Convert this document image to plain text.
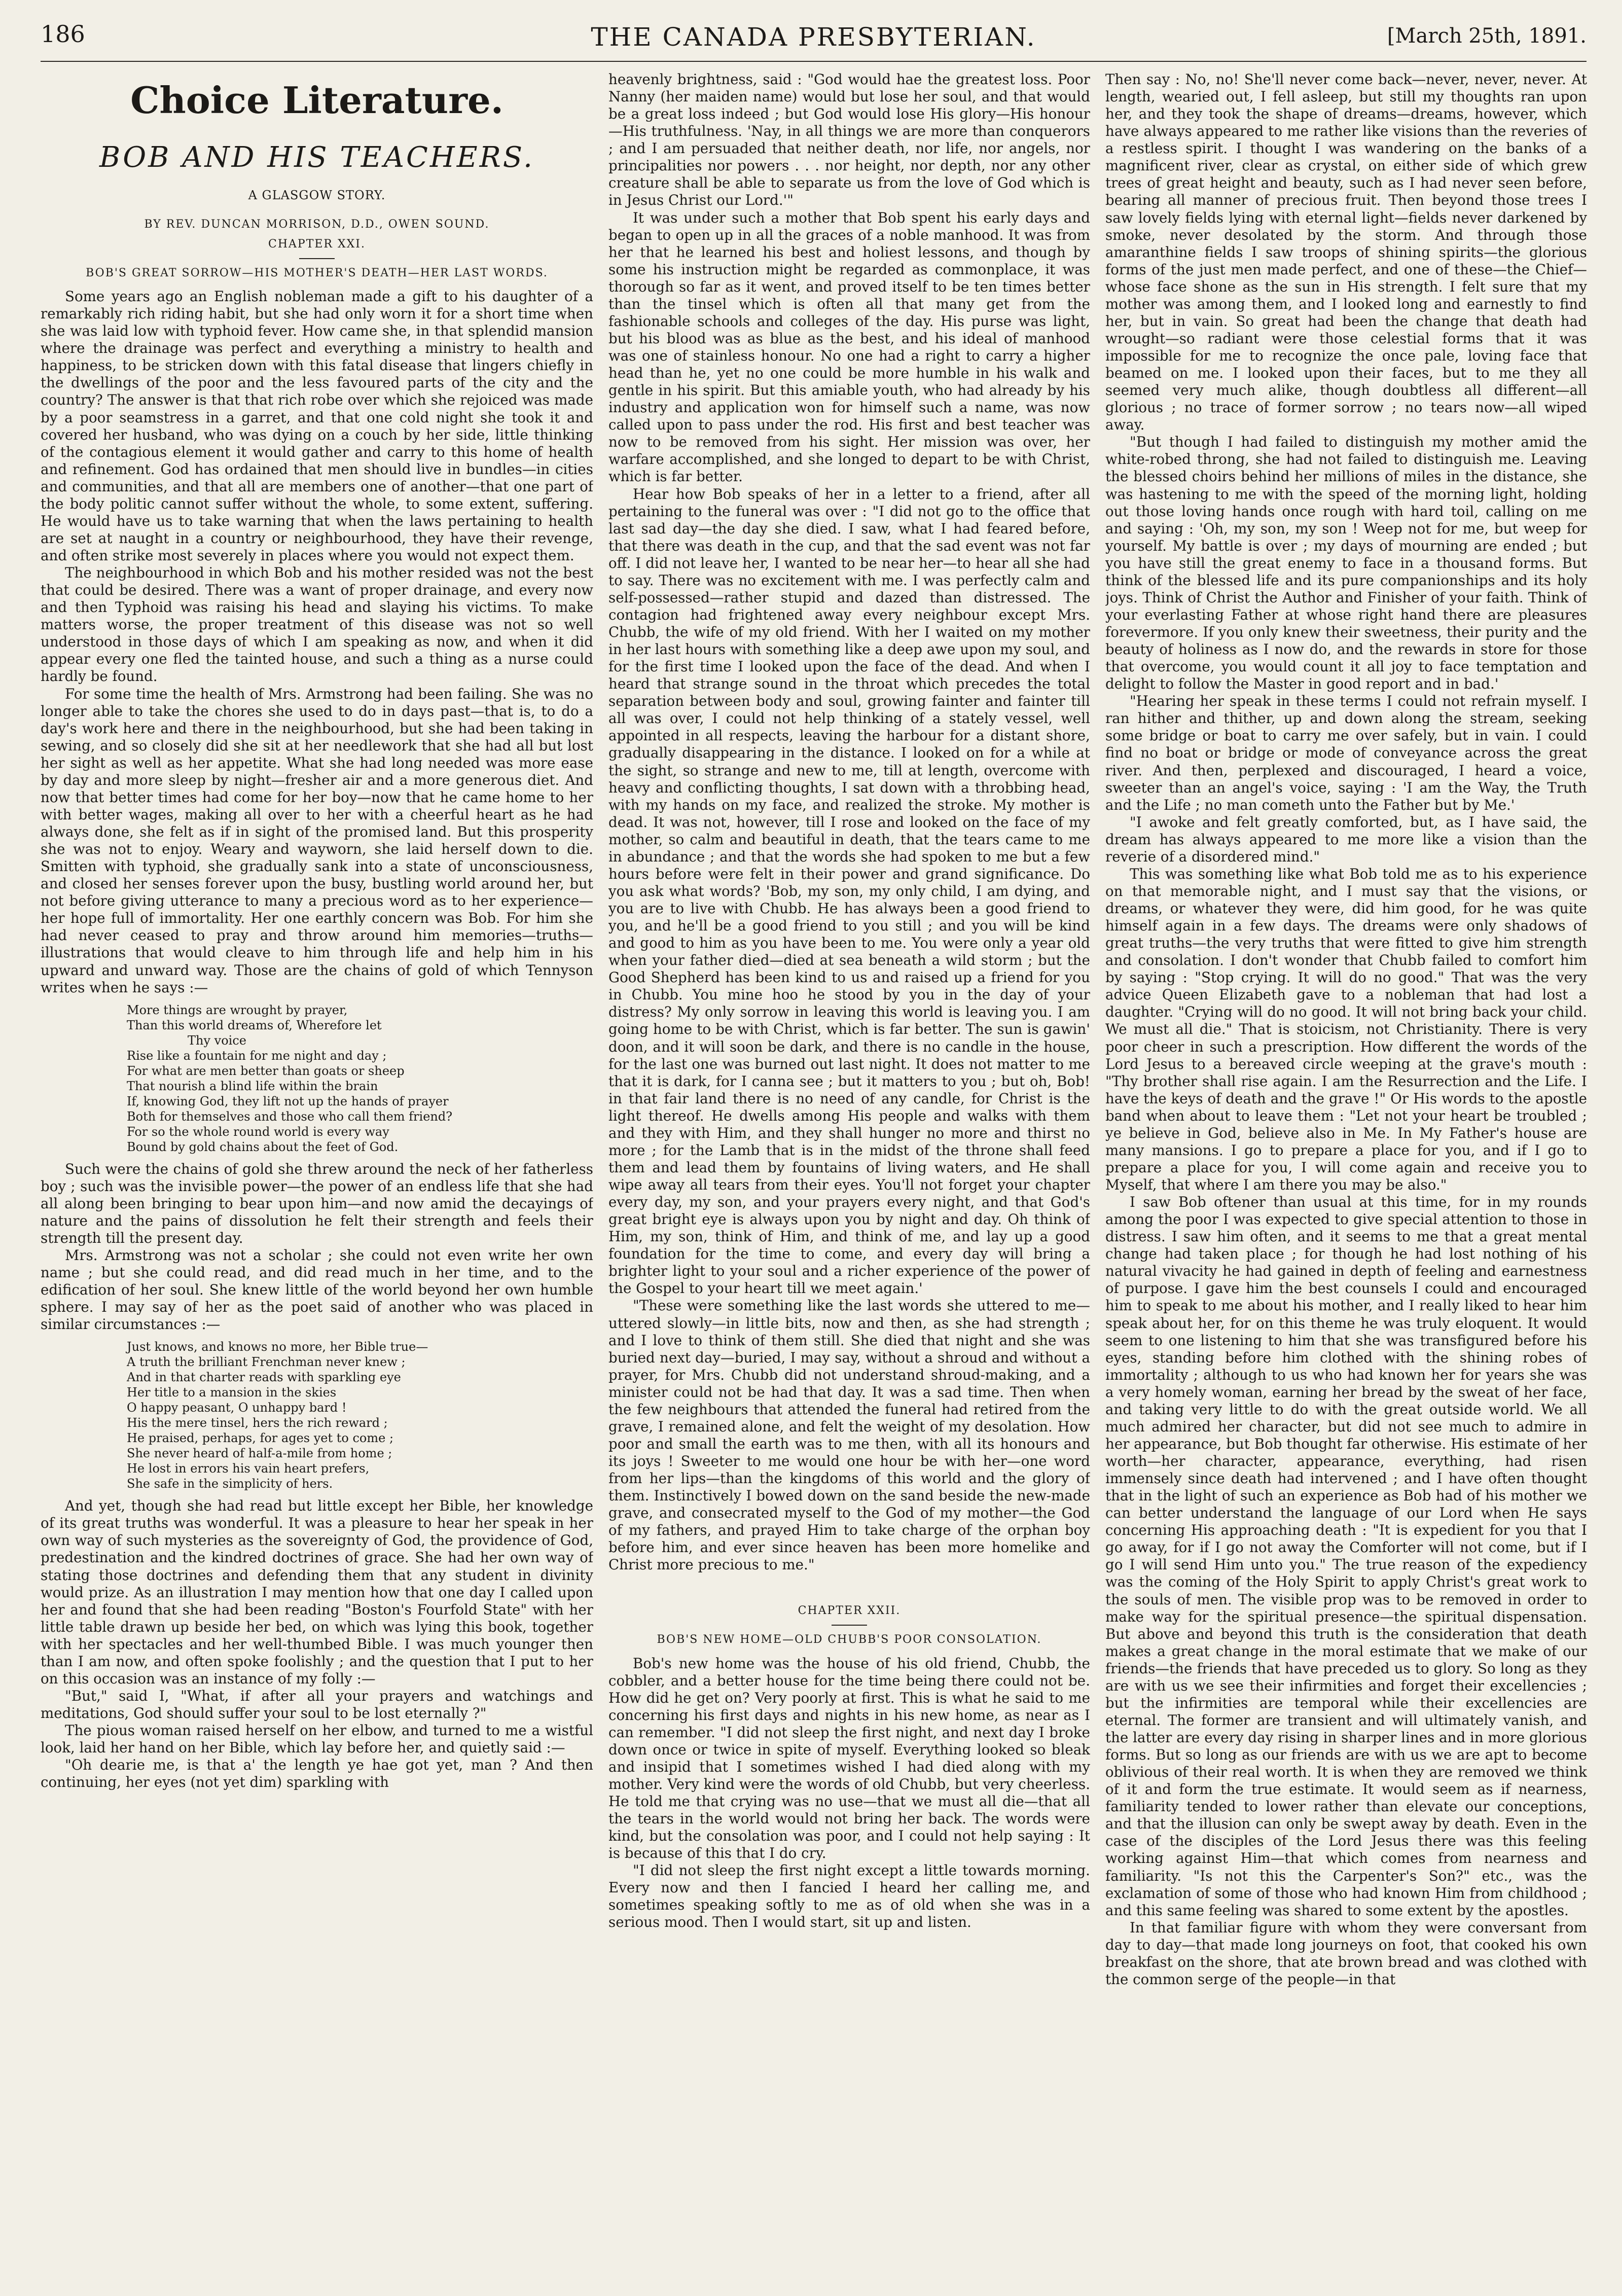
186	THE CANADA PRESBYTERIAN.	[March 25th, 1891.
Choice Literature.
BOB AND HIS TEACHERS.
A GLASGOW STORY.
BY REV. DUNCAN MORRISON, D.D., OWEN SOUND.
CHAPTER XXI.
BOB'S GREAT SORROW—HIS MOTHER'S DEATH—HER LAST WORDS.

Some years ago an English nobleman made a gift to his daughter of a remarkably rich riding habit, but she had only worn it for a short time when she was laid low with typhoid fever. How came she, in that splendid mansion where the drainage was perfect and everything a ministry to health and happiness, to be stricken down with this fatal disease that lingers chiefly in the dwellings of the poor and the less favoured parts of the city and the country? The answer is that that rich robe over which she rejoiced was made by a poor seamstress in a garret, and that one cold night she took it and covered her husband, who was dying on a couch by her side, little thinking of the contagious element it would gather and carry to this home of health and refinement. God has ordained that men should live in bundles—in cities and communities, and that all are members one of another—that one part of the body politic cannot suffer without the whole, to some extent, suffering. He would have us to take warning that when the laws pertaining to health are set at naught in a country or neighbourhood, they have their revenge, and often strike most severely in places where you would not expect them.

The neighbourhood in which Bob and his mother resided was not the best that could be desired. There was a want of proper drainage, and every now and then Typhoid was raising his head and slaying his victims. To make matters worse, the proper treatment of this disease was not so well understood in those days of which I am speaking as now, and when it did appear every one fled the tainted house, and such a thing as a nurse could hardly be found.

For some time the health of Mrs. Armstrong had been failing. She was no longer able to take the chores she used to do in days past—that is, to do a day's work here and there in the neighbourhood, but she had been taking in sewing, and so closely did she sit at her needlework that she had all but lost her sight as well as her appetite. What she had long needed was more ease by day and more sleep by night—fresher air and a more generous diet. And now that better times had come for her boy—now that he came home to her with better wages, making all over to her with a cheerful heart as he had always done, she felt as if in sight of the promised land. But this prosperity she was not to enjoy. Weary and wayworn, she laid herself down to die. Smitten with typhoid, she gradually sank into a state of unconsciousness, and closed her senses forever upon the busy, bustling world around her, but not before giving utterance to many a precious word as to her experience—her hope full of immortality. Her one earthly concern was Bob. For him she had never ceased to pray and throw around him memories—truths—illustrations that would cleave to him through life and help him in his upward and unward way. Those are the chains of gold of which Tennyson writes when he says :—

More things are wrought by prayer,
Than this world dreams of, Wherefore let
Thy voice
Rise like a fountain for me night and day ;
For what are men better than goats or sheep
That nourish a blind life within the brain
If, knowing God, they lift not up the hands of prayer
Both for themselves and those who call them friend?
For so the whole round world is every way
Bound by gold chains about the feet of God.

Such were the chains of gold she threw around the neck of her fatherless boy ; such was the invisible power—the power of an endless life that she had all along been bringing to bear upon him—and now amid the decayings of nature and the pains of dissolution he felt their strength and feels their strength till the present day.

Mrs. Armstrong was not a scholar ; she could not even write her own name ; but she could read, and did read much in her time, and to the edification of her soul. She knew little of the world beyond her own humble sphere. I may say of her as the poet said of another who was placed in similar circumstances :—

Just knows, and knows no more, her Bible true—
A truth the brilliant Frenchman never knew ;
And in that charter reads with sparkling eye
Her title to a mansion in the skies
O happy peasant, O unhappy bard !
His the mere tinsel, hers the rich reward ;
He praised, perhaps, for ages yet to come ;
She never heard of half-a-mile from home ;
He lost in errors his vain heart prefers,
She safe in the simplicity of hers.

And yet, though she had read but little except her Bible, her knowledge of its great truths was wonderful. It was a pleasure to hear her speak in her own way of such mysteries as the sovereignty of God, the providence of God, predestination and the kindred doctrines of grace. She had her own way of stating those doctrines and defending them that any student in divinity would prize. As an illustration I may mention how that one day I called upon her and found that she had been reading "Boston's Fourfold State" with her little table drawn up beside her bed, on which was lying this book, together with her spectacles and her well-thumbed Bible. I was much younger then than I am now, and often spoke foolishly ; and the question that I put to her on this occasion was an instance of my folly :—

"But," said I, "What, if after all your prayers and watchings and meditations, God should suffer your soul to be lost eternally ?"

The pious woman raised herself on her elbow, and turned to me a wistful look, laid her hand on her Bible, which lay before her, and quietly said :—

"Oh dearie me, is that a' the length ye hae got yet, man ? And then continuing, her eyes (not yet dim) sparkling with

heavenly brightness, said : "God would hae the greatest loss. Poor Nanny (her maiden name) would but lose her soul, and that would be a great loss indeed ; but God would lose His glory—His honour—His truthfulness. 'Nay, in all things we are more than conquerors ; and I am persuaded that neither death, nor life, nor angels, nor principalities nor powers . . . nor height, nor depth, nor any other creature shall be able to separate us from the love of God which is in Jesus Christ our Lord.'"

It was under such a mother that Bob spent his early days and began to open up in all the graces of a noble manhood. It was from her that he learned his best and holiest lessons, and though by some his instruction might be regarded as commonplace, it was thorough so far as it went, and proved itself to be ten times better than the tinsel which is often all that many get from the fashionable schools and colleges of the day. His purse was light, but his blood was as blue as the best, and his ideal of manhood was one of stainless honour. No one had a right to carry a higher head than he, yet no one could be more humble in his walk and gentle in his spirit. But this amiable youth, who had already by his industry and application won for himself such a name, was now called upon to pass under the rod. His first and best teacher was now to be removed from his sight. Her mission was over, her warfare accomplished, and she longed to depart to be with Christ, which is far better.

Hear how Bob speaks of her in a letter to a friend, after all pertaining to the funeral was over : "I did not go to the office that last sad day—the day she died. I saw, what I had feared before, that there was death in the cup, and that the sad event was not far off. I did not leave her, I wanted to be near her—to hear all she had to say. There was no excitement with me. I was perfectly calm and self-possessed—rather stupid and dazed than distressed. The contagion had frightened away every neighbour except Mrs. Chubb, the wife of my old friend. With her I waited on my mother in her last hours with something like a deep awe upon my soul, and for the first time I looked upon the face of the dead. And when I heard that strange sound in the throat which precedes the total separation between body and soul, growing fainter and fainter till all was over, I could not help thinking of a stately vessel, well appointed in all respects, leaving the harbour for a distant shore, gradually disappearing in the distance. I looked on for a while at the sight, so strange and new to me, till at length, overcome with heavy and conflicting thoughts, I sat down with a throbbing head, with my hands on my face, and realized the stroke. My mother is dead. It was not, however, till I rose and looked on the face of my mother, so calm and beautiful in death, that the tears came to me in abundance ; and that the words she had spoken to me but a few hours before were felt in their power and grand significance. Do you ask what words? 'Bob, my son, my only child, I am dying, and you are to live with Chubb. He has always been a good friend to you, and he'll be a good friend to you still ; and you will be kind and good to him as you have been to me. You were only a year old when your father died—died at sea beneath a wild storm ; but the Good Shepherd has been kind to us and raised up a friend for you in Chubb. You mine hoo he stood by you in the day of your distress? My only sorrow in leaving this world is leaving you. I am going home to be with Christ, which is far better. The sun is gawin' doon, and it will soon be dark, and there is no candle in the house, for the last one was burned out last night. It does not matter to me that it is dark, for I canna see ; but it matters to you ; but oh, Bob! in that fair land there is no need of any candle, for Christ is the light thereof. He dwells among His people and walks with them and they with Him, and they shall hunger no more and thirst no more ; for the Lamb that is in the midst of the throne shall feed them and lead them by fountains of living waters, and He shall wipe away all tears from their eyes. You'll not forget your chapter every day, my son, and your prayers every night, and that God's great bright eye is always upon you by night and day. Oh think of Him, my son, think of Him, and think of me, and lay up a good foundation for the time to come, and every day will bring a brighter light to your soul and a richer experience of the power of the Gospel to your heart till we meet again.'

"These were something like the last words she uttered to me—uttered slowly—in little bits, now and then, as she had strength ; and I love to think of them still. She died that night and she was buried next day—buried, I may say, without a shroud and without a prayer, for Mrs. Chubb did not understand shroud-making, and a minister could not be had that day. It was a sad time. Then when the few neighbours that attended the funeral had retired from the grave, I remained alone, and felt the weight of my desolation. How poor and small the earth was to me then, with all its honours and its joys ! Sweeter to me would one hour be with her—one word from her lips—than the kingdoms of this world and the glory of them. Instinctively I bowed down on the sand beside the new-made grave, and consecrated myself to the God of my mother—the God of my fathers, and prayed Him to take charge of the orphan boy before him, and ever since heaven has been more homelike and Christ more precious to me."

CHAPTER XXII.
BOB'S NEW HOME—OLD CHUBB'S POOR CONSOLATION.

Bob's new home was the house of his old friend, Chubb, the cobbler, and a better house for the time being there could not be. How did he get on? Very poorly at first. This is what he said to me concerning his first days and nights in his new home, as near as I can remember. "I did not sleep the first night, and next day I broke down once or twice in spite of myself. Everything looked so bleak and insipid that I sometimes wished I had died along with my mother. Very kind were the words of old Chubb, but very cheerless. He told me that crying was no use—that we must all die—that all the tears in the world would not bring her back. The words were kind, but the consolation was poor, and I could not help saying : It is because of this that I do cry.

"I did not sleep the first night except a little towards morning. Every now and then I fancied I heard her calling me, and sometimes speaking softly to me as of old when she was in a serious mood. Then I would start, sit up and listen.

Then say : No, no! She'll never come back—never, never, never. At length, wearied out, I fell asleep, but still my thoughts ran upon her, and they took the shape of dreams—dreams, however, which have always appeared to me rather like visions than the reveries of a restless spirit. I thought I was wandering on the banks of a magnificent river, clear as crystal, on either side of which grew trees of great height and beauty, such as I had never seen before, bearing all manner of precious fruit. Then beyond those trees I saw lovely fields lying with eternal light—fields never darkened by smoke, never desolated by the storm. And through those amaranthine fields I saw troops of shining spirits—the glorious forms of the just men made perfect, and one of these—the Chief—whose face shone as the sun in His strength. I felt sure that my mother was among them, and I looked long and earnestly to find her, but in vain. So great had been the change that death had wrought—so radiant were those celestial forms that it was impossible for me to recognize the once pale, loving face that beamed on me. I looked upon their faces, but to me they all seemed very much alike, though doubtless all different—all glorious ; no trace of former sorrow ; no tears now—all wiped away.

"But though I had failed to distinguish my mother amid the white-robed throng, she had not failed to distinguish me. Leaving the blessed choirs behind her millions of miles in the distance, she was hastening to me with the speed of the morning light, holding out those loving hands once rough with hard toil, calling on me and saying : 'Oh, my son, my son ! Weep not for me, but weep for yourself. My battle is over ; my days of mourning are ended ; but you have still the great enemy to face in a thousand forms. But think of the blessed life and its pure companionships and its holy joys. Think of Christ the Author and Finisher of your faith. Think of your everlasting Father at whose right hand there are pleasures forevermore. If you only knew their sweetness, their purity and the beauty of holiness as I now do, and the rewards in store for those that overcome, you would count it all joy to face temptation and delight to follow the Master in good report and in bad.'

"Hearing her speak in these terms I could not refrain myself. I ran hither and thither, up and down along the stream, seeking some bridge or boat to carry me over safely, but in vain. I could find no boat or bridge or mode of conveyance across the great river. And then, perplexed and discouraged, I heard a voice, sweeter than an angel's voice, saying : 'I am the Way, the Truth and the Life ; no man cometh unto the Father but by Me.'

"I awoke and felt greatly comforted, but, as I have said, the dream has always appeared to me more like a vision than the reverie of a disordered mind."

This was something like what Bob told me as to his experience on that memorable night, and I must say that the visions, or dreams, or whatever they were, did him good, for he was quite himself again in a few days. The dreams were only shadows of great truths—the very truths that were fitted to give him strength and consolation. I don't wonder that Chubb failed to comfort him by saying : "Stop crying. It will do no good." That was the very advice Queen Elizabeth gave to a nobleman that had lost a daughter. "Crying will do no good. It will not bring back your child. We must all die." That is stoicism, not Christianity. There is very poor cheer in such a prescription. How different the words of the Lord Jesus to a bereaved circle weeping at the grave's mouth : "Thy brother shall rise again. I am the Resurrection and the Life. I have the keys of death and the grave !" Or His words to the apostle band when about to leave them : "Let not your heart be troubled ; ye believe in God, believe also in Me. In My Father's house are many mansions. I go to prepare a place for you, and if I go to prepare a place for you, I will come again and receive you to Myself, that where I am there you may be also."

I saw Bob oftener than usual at this time, for in my rounds among the poor I was expected to give special attention to those in distress. I saw him often, and it seems to me that a great mental change had taken place ; for though he had lost nothing of his natural vivacity he had gained in depth of feeling and earnestness of purpose. I gave him the best counsels I could and encouraged him to speak to me about his mother, and I really liked to hear him speak about her, for on this theme he was truly eloquent. It would seem to one listening to him that she was transfigured before his eyes, standing before him clothed with the shining robes of immortality ; although to us who had known her for years she was a very homely woman, earning her bread by the sweat of her face, and taking very little to do with the great outside world. We all much admired her character, but did not see much to admire in her appearance, but Bob thought far otherwise. His estimate of her worth—her character, appearance, everything, had risen immensely since death had intervened ; and I have often thought that in the light of such an experience as Bob had of his mother we can better understand the language of our Lord when He says concerning His approaching death : "It is expedient for you that I go away, for if I go not away the Comforter will not come, but if I go I will send Him unto you." The true reason of the expediency was the coming of the Holy Spirit to apply Christ's great work to the souls of men. The visible prop was to be removed in order to make way for the spiritual presence—the spiritual dispensation. But above and beyond this truth is the consideration that death makes a great change in the moral estimate that we make of our friends—the friends that have preceded us to glory. So long as they are with us we see their infirmities and forget their excellencies ; but the infirmities are temporal while their excellencies are eternal. The former are transient and will ultimately vanish, and the latter are every day rising in sharper lines and in more glorious forms. But so long as our friends are with us we are apt to become oblivious of their real worth. It is when they are removed we think of it and form the true estimate. It would seem as if nearness, familiarity tended to lower rather than elevate our conceptions, and that the illusion can only be swept away by death. Even in the case of the disciples of the Lord Jesus there was this feeling working against Him—that which comes from nearness and familiarity. "Is not this the Carpenter's Son?" etc., was the exclamation of some of those who had known Him from childhood ; and this same feeling was shared to some extent by the apostles.

In that familiar figure with whom they were conversant from day to day—that made long journeys on foot, that cooked his own breakfast on the shore, that ate brown bread and was clothed with the common serge of the people—in that
